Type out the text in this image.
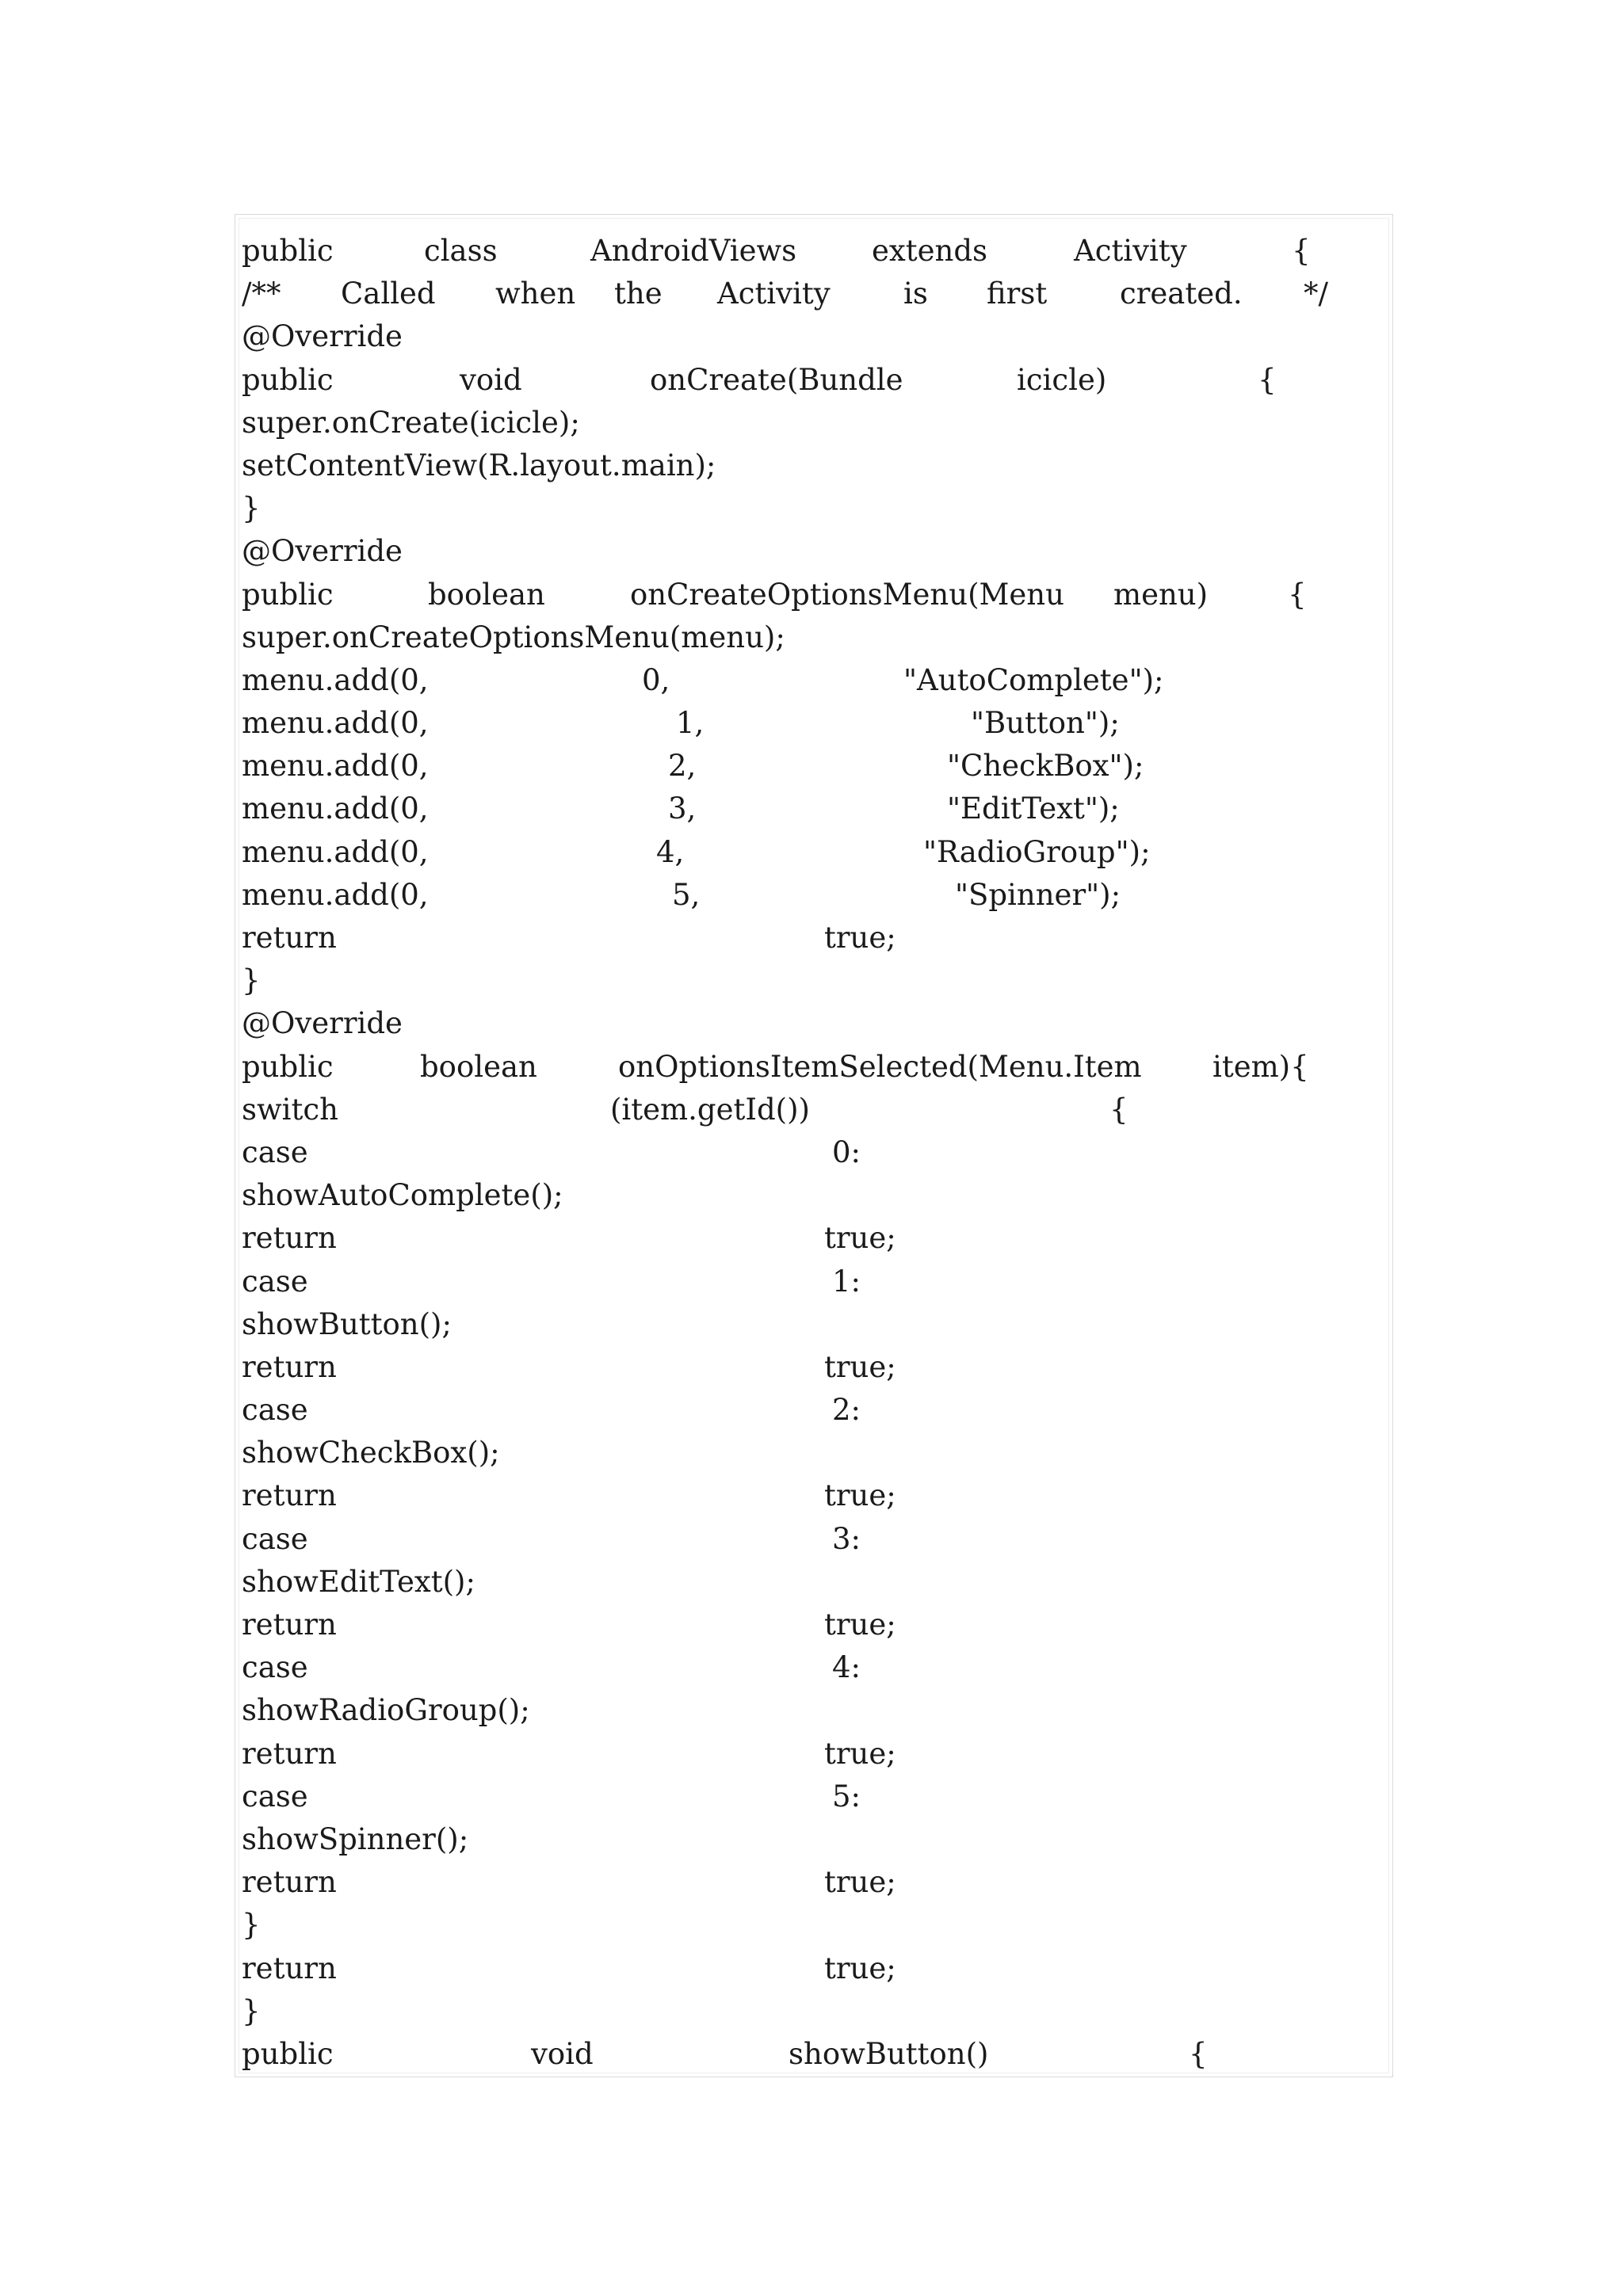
public	class	AndroidViews	extends	Activity	{
/** Called when the Activity is first created. */
@Override
public	void	onCreate(Bundle	icicle)	{
super.onCreate(icicle);
setContentView(R.layout.main);
}
@Override
public	boolean	onCreateOptionsMenu(Menu menu)	{
super.onCreateOptionsMenu(menu);
menu.add(0,	0,	"AutoComplete");
menu.add(0,	1,	"Button");
menu.add(0,	2,	"CheckBox");
menu.add(0,	3,	"EditText");
menu.add(0,	4,	"RadioGroup");
menu.add(0,	5,	"Spinner");
return	true;
}
@Override
public	boolean	onOptionsItemSelected(Menu.Item item){
switch	(item.getId())	{
case	0:
showAutoComplete();
return	true;
case	1:
showButton();
return	true;
case	2:
showCheckBox();
return	true;
case	3:
showEditText();
return	true;
case	4:
showRadioGroup();
return	true;
case	5:
showSpinner();
return	true;
}
return	true;
}
public	void	showButton()	{
